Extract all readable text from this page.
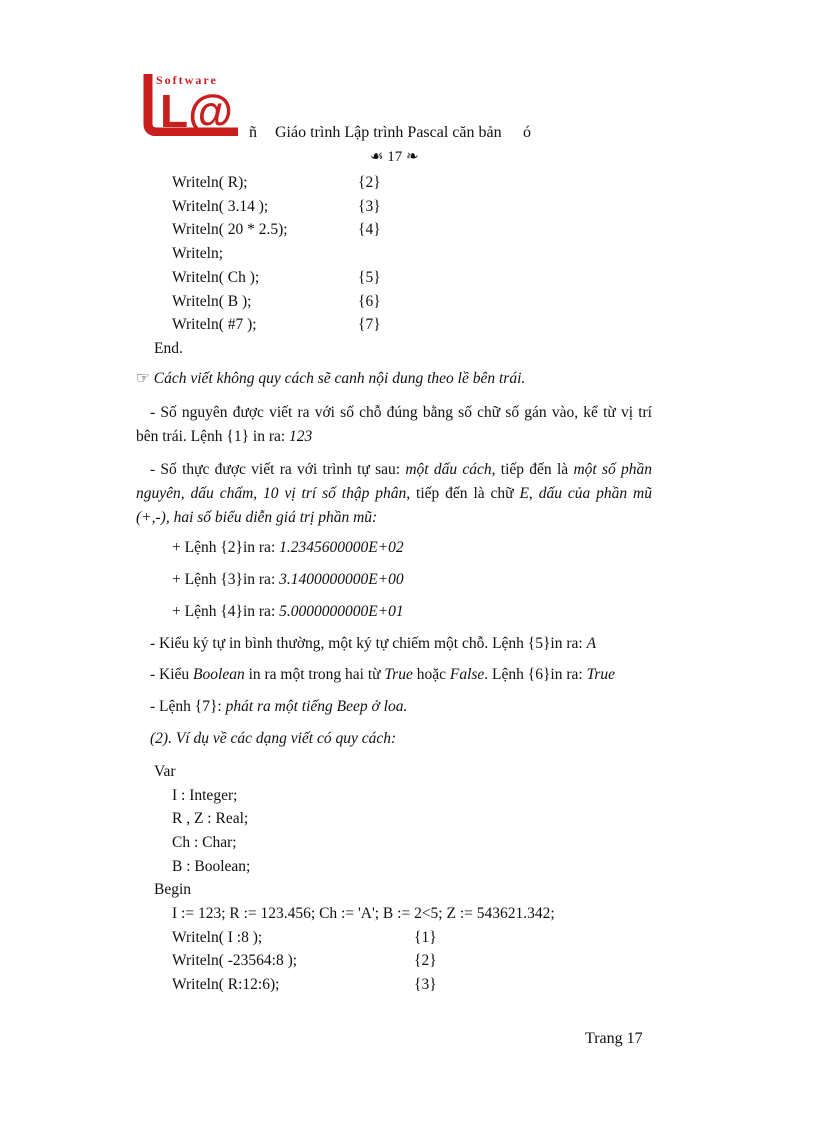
Software
L@ ñ Giáo trình Lập trình Pascal căn bản ó
☙ 17 ❧
Writeln( R);	{2}
Writeln( 3.14 );	{3}
Writeln( 20 * 2.5);	{4}
Writeln;
Writeln( Ch );	{5}
Writeln( B );	{6}
Writeln( #7 );	{7}
End.
☞ Cách viết không quy cách sẽ canh nội dung theo lề bên trái.
- Số nguyên được viết ra với số chỗ đúng bằng số chữ số gán vào, kể từ vị trí bên trái. Lệnh {1} in ra: 123
- Số thực được viết ra với trình tự sau: một dấu cách, tiếp đến là một số phần nguyên, dấu chấm, 10 vị trí số thập phân, tiếp đến là chữ E, dấu của phần mũ (+,-), hai số biểu diễn giá trị phần mũ:
+ Lệnh {2}in ra: 1.2345600000E+02
+ Lệnh {3}in ra: 3.1400000000E+00
+ Lệnh {4}in ra: 5.0000000000E+01
- Kiểu ký tự in bình thường, một ký tự chiếm một chỗ. Lệnh {5}in ra: A
- Kiểu Boolean in ra một trong hai từ True hoặc False. Lệnh {6}in ra: True
- Lệnh {7}: phát ra một tiếng Beep ở loa.
(2). Ví dụ về các dạng viết có quy cách:
Var
I : Integer;
R , Z : Real;
Ch : Char;
B : Boolean;
Begin
I := 123; R := 123.456; Ch := 'A'; B := 2<5; Z := 543621.342;
Writeln( I :8 );	{1}
Writeln( -23564:8 );	{2}
Writeln( R:12:6);	{3}
Trang 17
